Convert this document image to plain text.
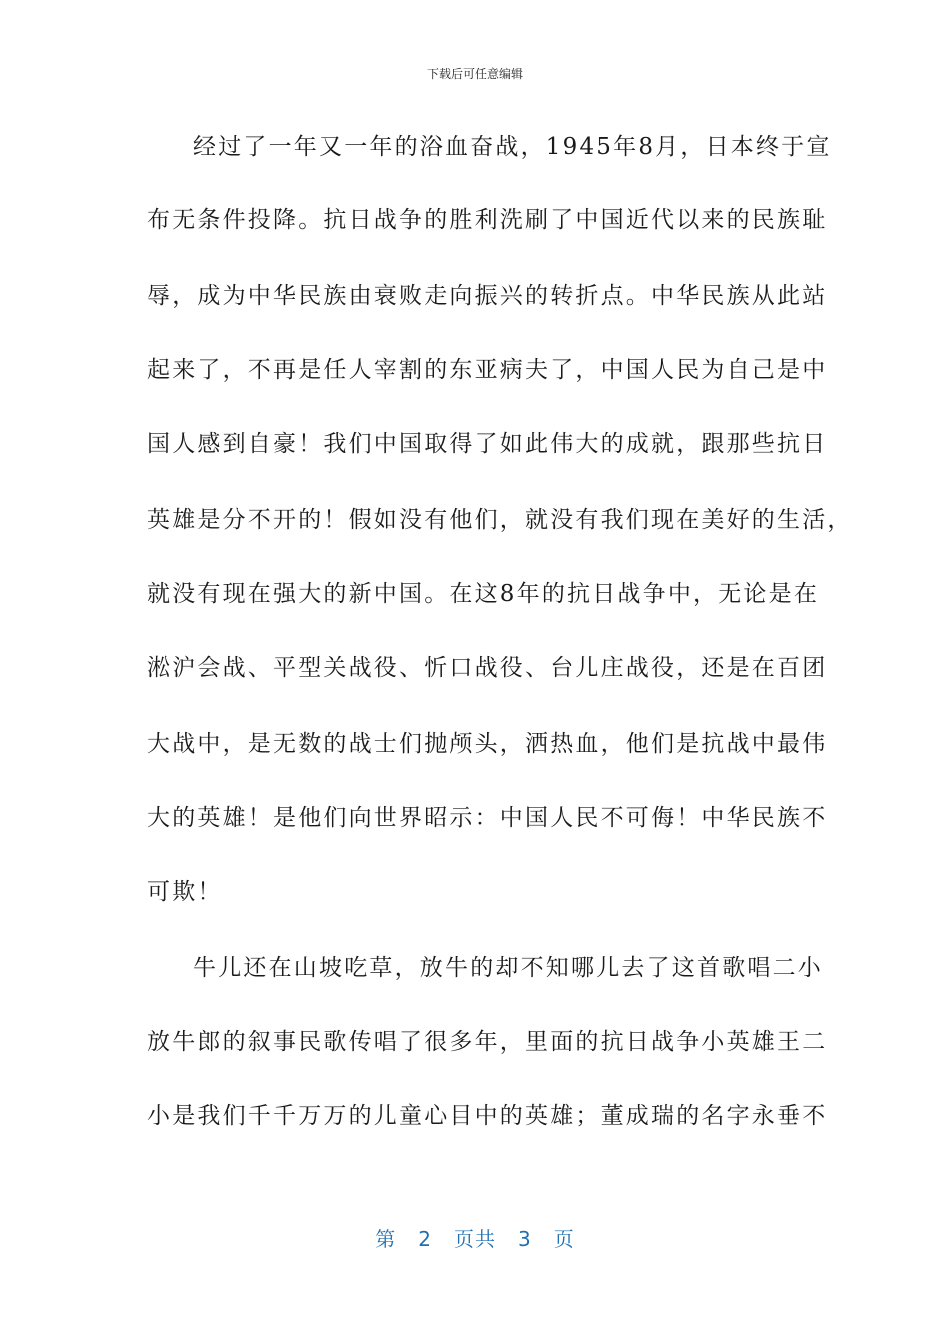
下载后可任意编辑
经过了一年又一年的浴血奋战，1945年8月，日本终于宣
布无条件投降。抗日战争的胜利洗刷了中国近代以来的民族耻
辱，成为中华民族由衰败走向振兴的转折点。中华民族从此站
起来了，不再是任人宰割的东亚病夫了，中国人民为自己是中
国人感到自豪！我们中国取得了如此伟大的成就，跟那些抗日
英雄是分不开的！假如没有他们，就没有我们现在美好的生活，
就没有现在强大的新中国。在这8年的抗日战争中，无论是在
淞沪会战、平型关战役、忻口战役、台儿庄战役，还是在百团
大战中，是无数的战士们抛颅头，洒热血，他们是抗战中最伟
大的英雄！是他们向世界昭示：中国人民不可侮！中华民族不
可欺！
牛儿还在山坡吃草，放牛的却不知哪儿去了这首歌唱二小
放牛郎的叙事民歌传唱了很多年，里面的抗日战争小英雄王二
小是我们千千万万的儿童心目中的英雄；董成瑞的名字永垂不
第 2 页共 3 页
